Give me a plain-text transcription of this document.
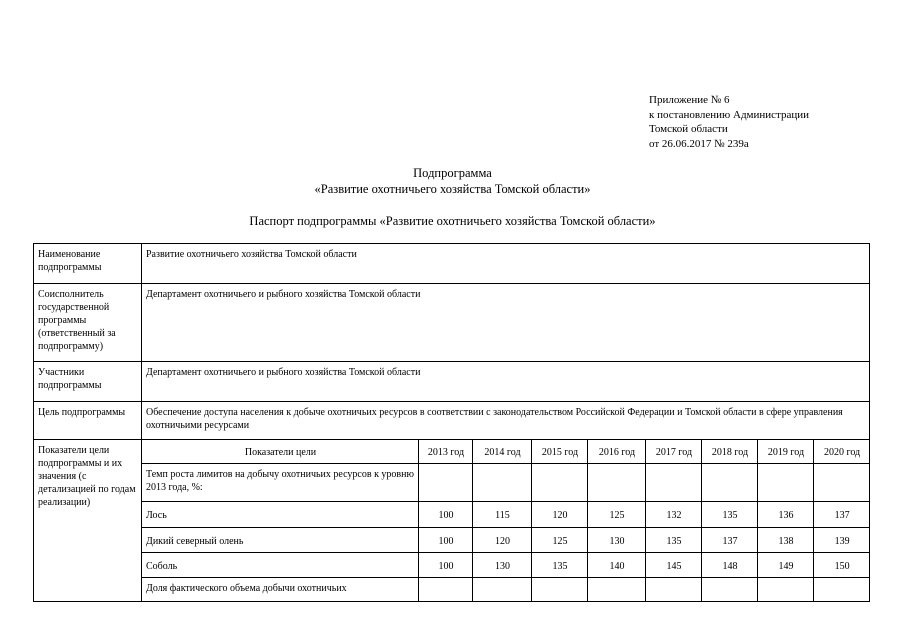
Приложение № 6
к постановлению Администрации
Томской области
от 26.06.2017 № 239а
Подпрограмма
«Развитие охотничьего хозяйства Томской области»
Паспорт подпрограммы «Развитие охотничьего хозяйства Томской области»
Наименование подпрограммы	Развитие охотничьего хозяйства Томской области								
Соисполнитель государственной программы (ответственный за подпрограмму)	Департамент охотничьего и рыбного хозяйства Томской области								
Участники подпрограммы	Департамент охотничьего и рыбного хозяйства Томской области								
Цель подпрограммы	Обеспечение доступа населения к добыче охотничьих ресурсов в соответствии с законодательством Российской Федерации и Томской области в сфере управления охотничьими ресурсами								
Показатели цели подпрограммы и их значения (с детализацией по годам реализации)	Показатели цели	2013 год	2014 год	2015 год	2016 год	2017 год	2018 год	2019 год	2020 год
	Темп роста лимитов на добычу охотничьих ресурсов к уровню 2013 года, %:								
	Лось	100	115	120	125	132	135	136	137
	Дикий северный олень	100	120	125	130	135	137	138	139
	Соболь	100	130	135	140	145	148	149	150
	Доля фактического объема добычи охотничьих								
